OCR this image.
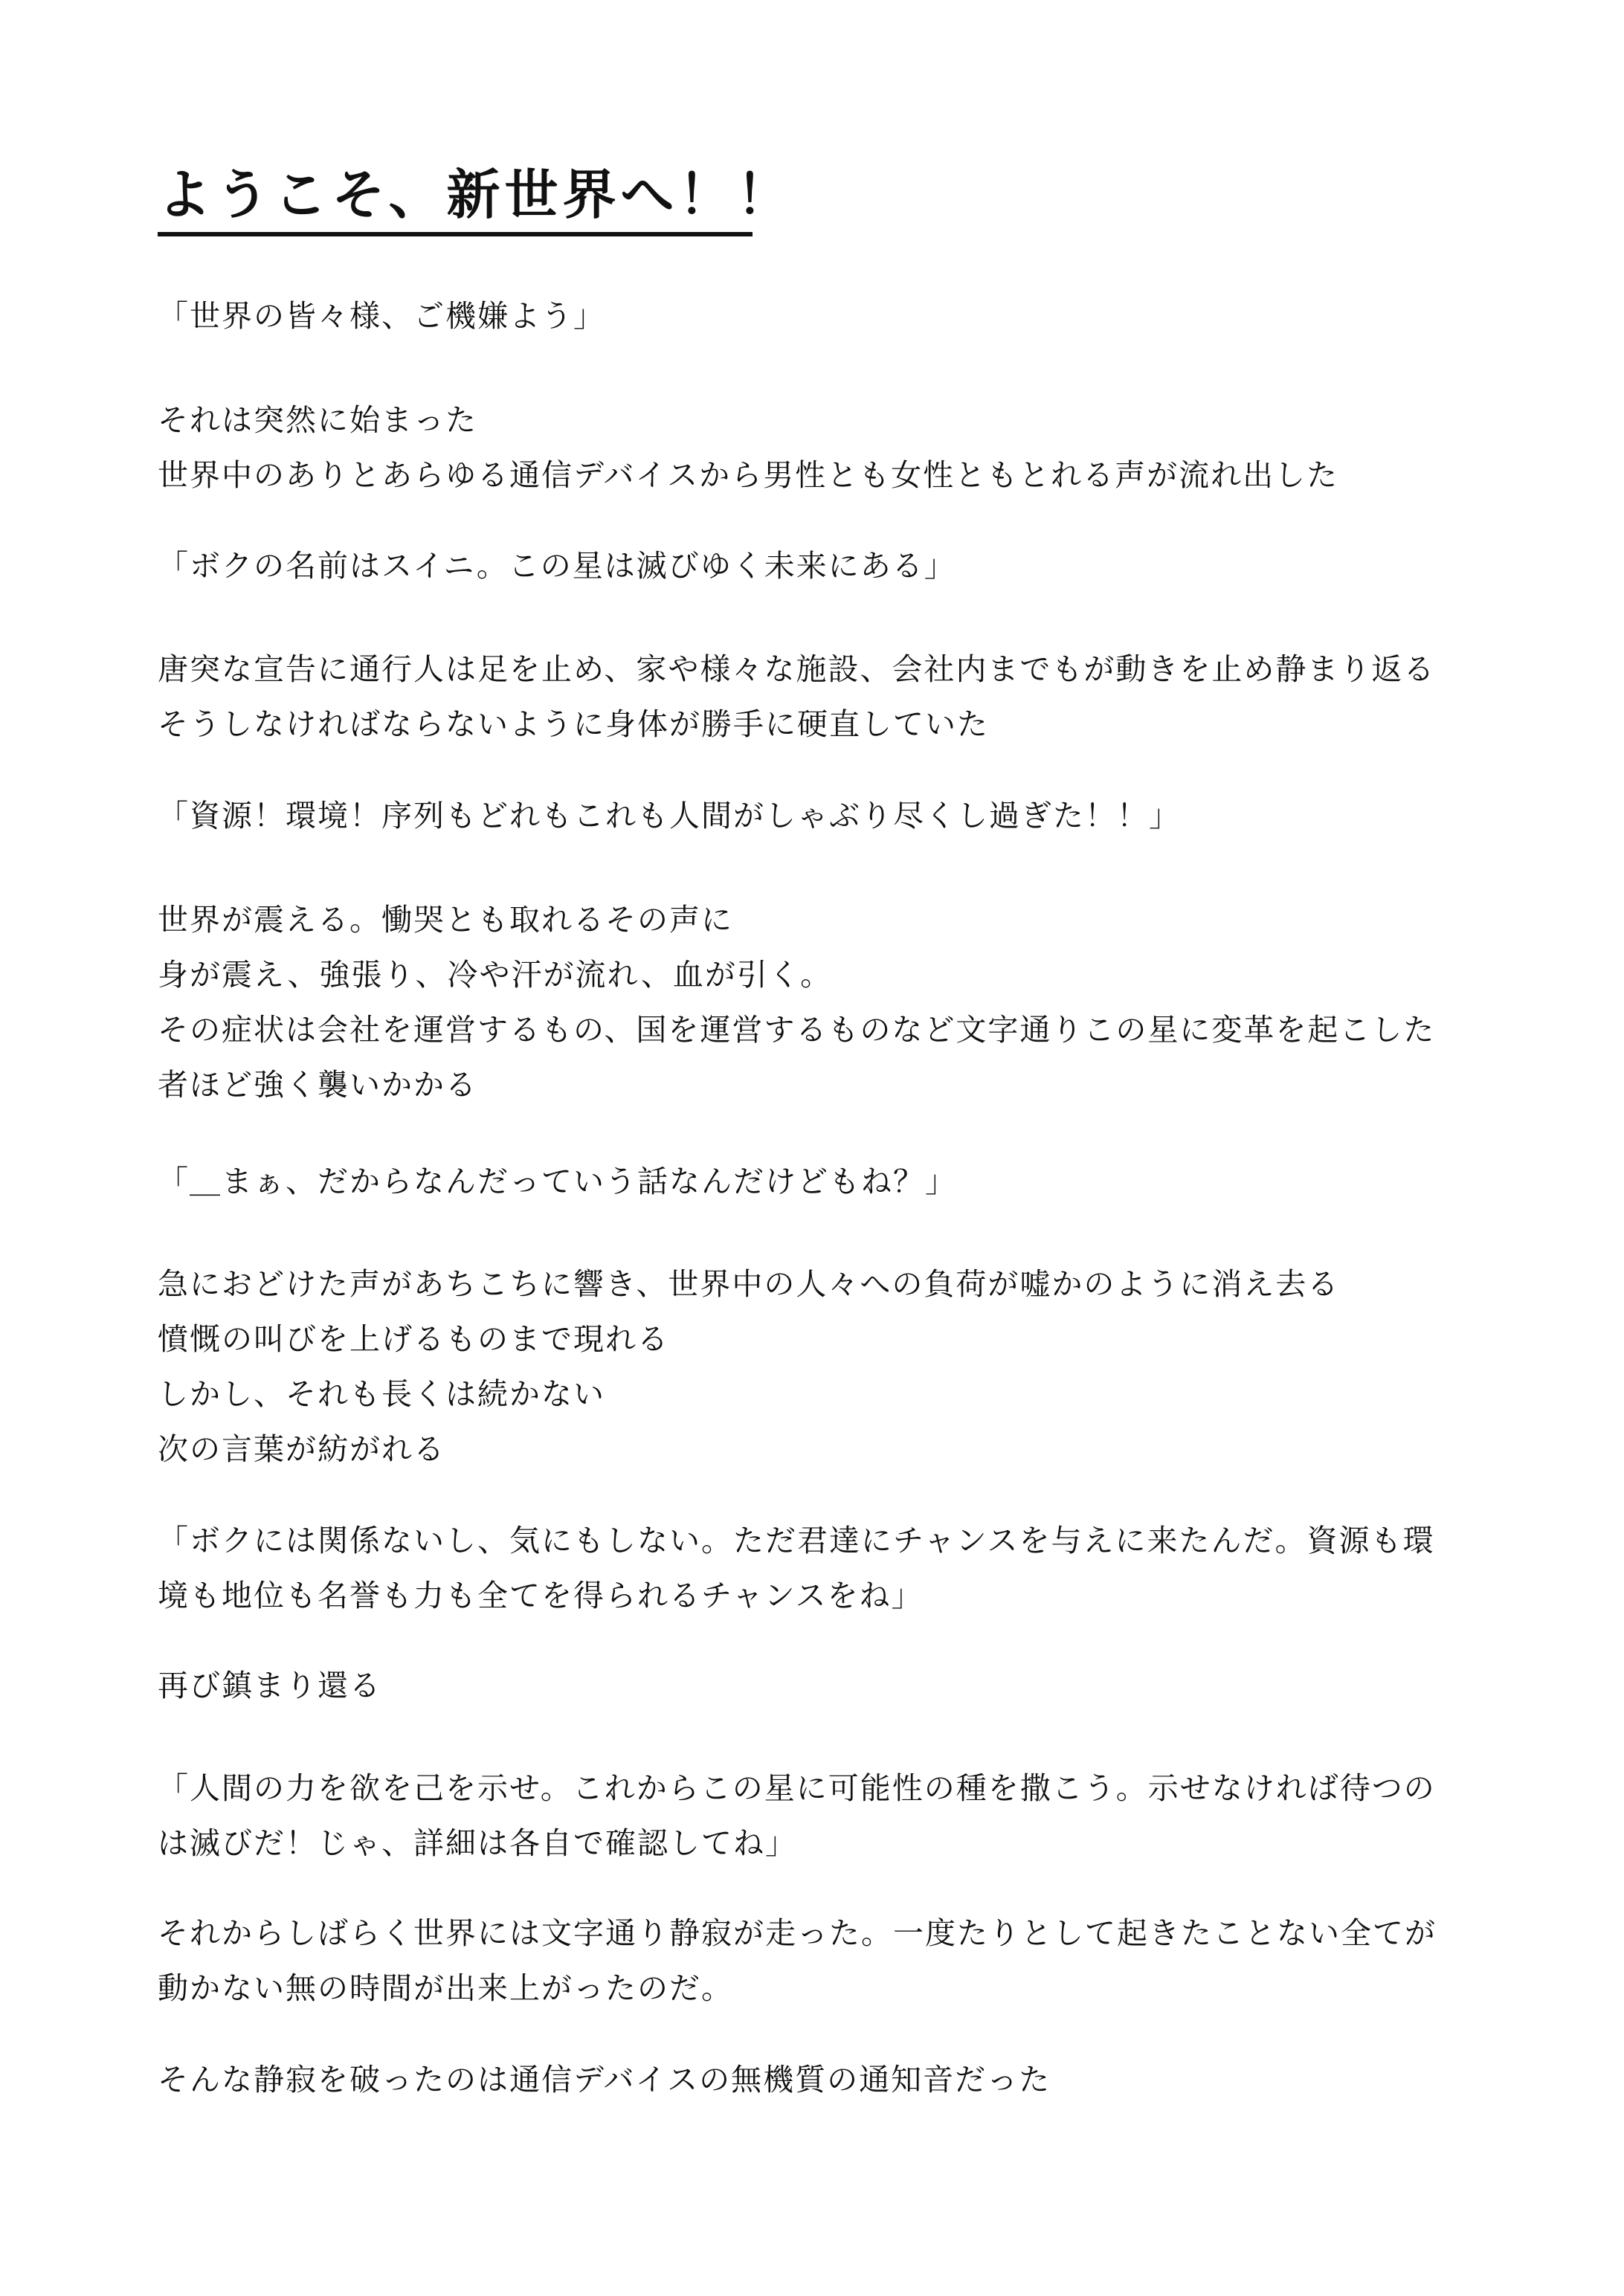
ようこそ、新世界へ！！

「世界の皆々様、ご機嫌よう」

それは突然に始まった
世界中のありとあらゆる通信デバイスから男性とも女性ともとれる声が流れ出した

「ボクの名前はスイニ。この星は滅びゆく未来にある」

唐突な宣告に通行人は足を止め、家や様々な施設、会社内までもが動きを止め静まり返る
そうしなければならないように身体が勝手に硬直していた

「資源！環境！序列もどれもこれも人間がしゃぶり尽くし過ぎた！！」

世界が震える。慟哭とも取れるその声に
身が震え、強張り、冷や汗が流れ、血が引く。
その症状は会社を運営するもの、国を運営するものなど文字通りこの星に変革を起こした
者ほど強く襲いかかる

「＿まぁ、だからなんだっていう話なんだけどもね？」

急におどけた声があちこちに響き、世界中の人々への負荷が嘘かのように消え去る
憤慨の叫びを上げるものまで現れる
しかし、それも長くは続かない
次の言葉が紡がれる

「ボクには関係ないし、気にもしない。ただ君達にチャンスを与えに来たんだ。資源も環
境も地位も名誉も力も全てを得られるチャンスをね」

再び鎮まり還る

「人間の力を欲を己を示せ。これからこの星に可能性の種を撒こう。示せなければ待つの
は滅びだ！じゃ、詳細は各自で確認してね」

それからしばらく世界には文字通り静寂が走った。一度たりとして起きたことない全てが
動かない無の時間が出来上がったのだ。

そんな静寂を破ったのは通信デバイスの無機質の通知音だった
